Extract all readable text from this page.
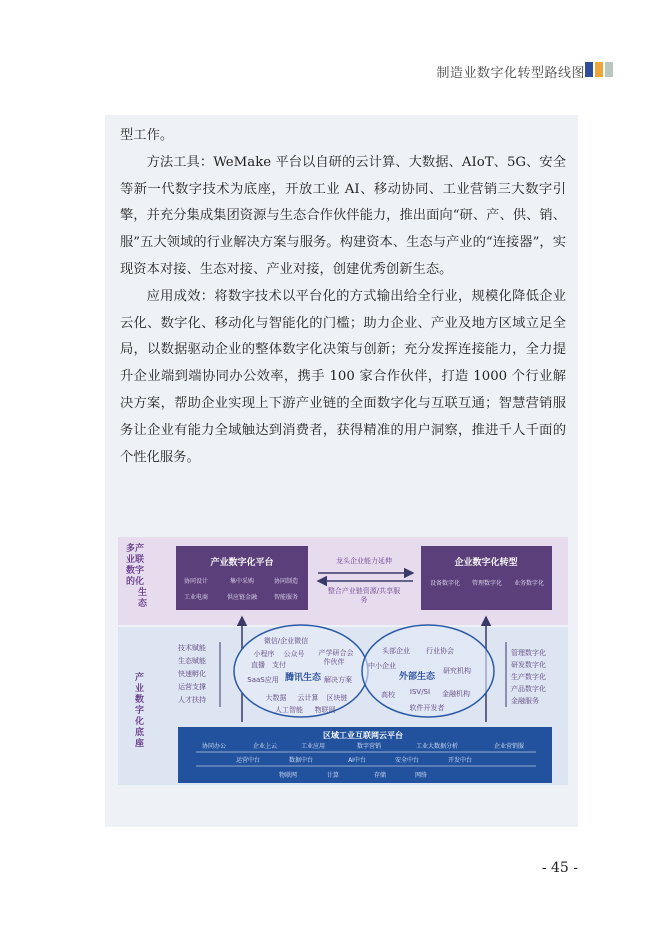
制造业数字化转型路线图

型工作。

方法工具：WeMake 平台以自研的云计算、大数据、AIoT、5G、安全等新一代数字技术为底座，开放工业 AI、移动协同、工业营销三大数字引擎，并充分集成集团资源与生态合作伙伴能力，推出面向“研、产、供、销、服”五大领域的行业解决方案与服务。构建资本、生态与产业的“连接器”，实现资本对接、生态对接、产业对接，创建优秀创新生态。

应用成效：将数字技术以平台化的方式输出给全行业，规模化降低企业云化、数字化、移动化与智能化的门槛；助力企业、产业及地方区域立足全局，以数据驱动企业的整体数字化决策与创新；充分发挥连接能力，全力提升企业端到端协同办公效率，携手 100 家合作伙伴，打造 1000 个行业解决方案，帮助企业实现上下游产业链的全面数字化与互联互通；智慧营销服务让企业有能力全域触达到消费者，获得精准的用户洞察，推进千人千面的个性化服务。

多产业联数字的化生态
产业数字化底座
产业数字化平台
协同设计	集中采购	协同制造
工业电商	供应链金融	智能服务
企业数字化转型
设备数字化 管理数字化 业务数字化
龙头企业能力延伸
整合产业链资源/共享服
务
技术赋能
生态赋能
快速孵化
运营支撑
人才扶持
管理数字化
研发数字化
生产数字化
产品数字化
金融服务
微信/企业微信
小程序 公众号 产学研合会
作伙伴
直播 支付
SaaS应用 腾讯生态 解决方案
大数据 云计算 区块链
人工智能 物联网
头部企业 行业协会
中小企业
外部生态
研究机构
高校 ISV/SI 金融机构
软件开发者
区域工业互联网云平台
协同办公	企业上云	工业应用	数字营销	工业大数据分析	企业营销服
运营中台	数据中台	AI中台	安全中台	开发中台
物联网	计算	存储	网络
- 45 -
